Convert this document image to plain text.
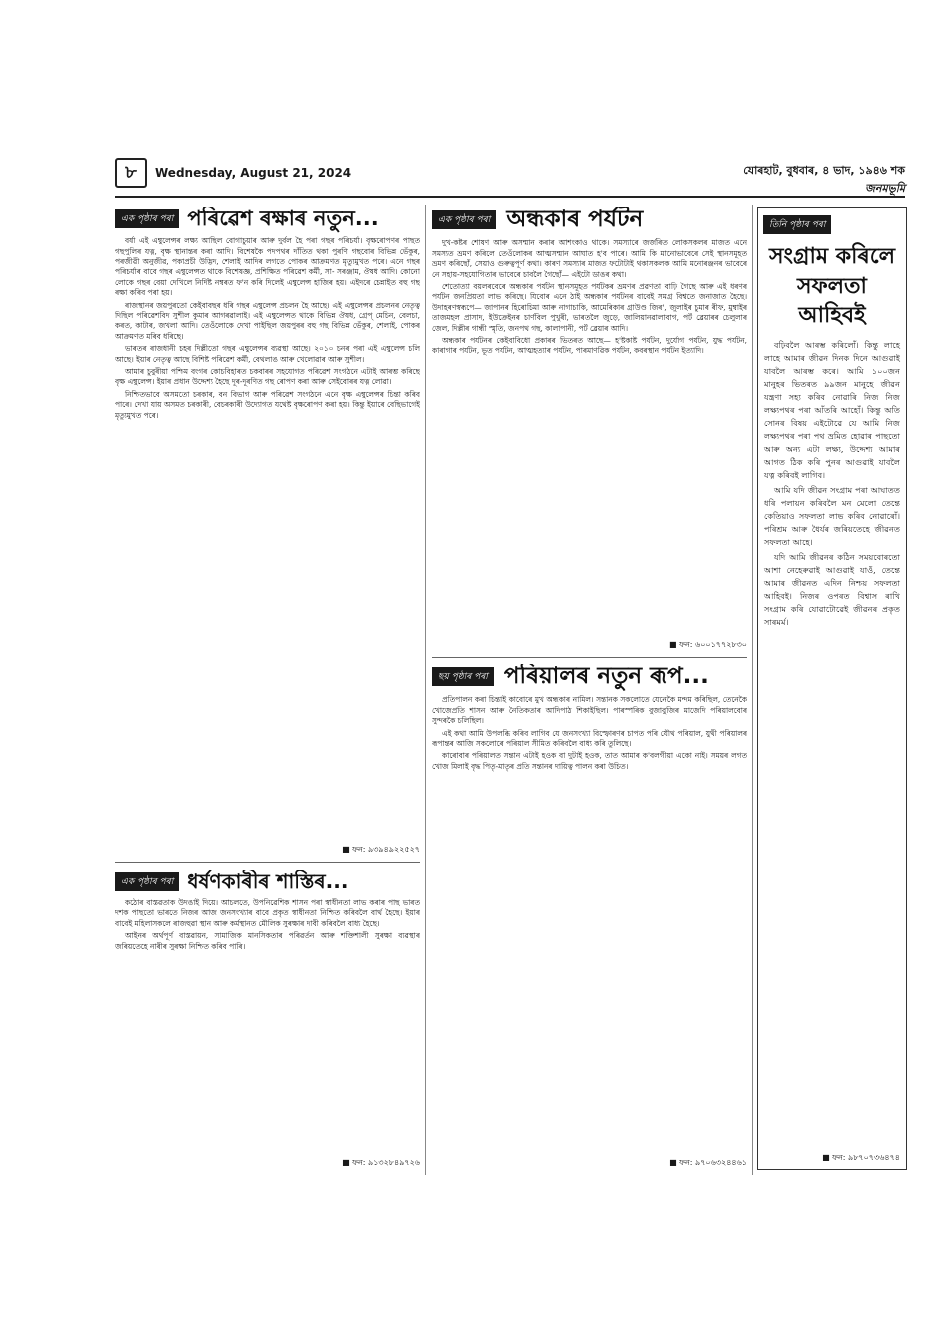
৮	Wednesday, August 21, 2024	যোৰহাট, বুধবাৰ, ৪ ভাদ, ১৯৪৬ শক
জনমভূমি
এক পৃষ্ঠাৰ পৰা পৰিৱেশ ৰক্ষাৰ নতুন...

বৰ্ষা এই এম্বুলেন্সৰ লক্ষ্য আছিল বোগাচুয়াৰ আৰু দুৰ্বল হৈ পৰা গছৰ পৰিচৰ্যা। বৃক্ষৰোপণৰ পাছত গছপুলিৰ যত্ন, বৃক্ষ স্থানান্তৰ কৰা আদি। বিশেষকৈ পদপথৰ দাঁতিত থকা পুৰণি গছবোৰ বিভিন্ন ভেঁকুৰ, পৰজীৱী অনুজীৱ, পকাপ্ৰচী উদ্ভিদ, শেলাই আদিৰ লগতে পোকৰ আক্ৰমণত মৃত্যুমুখত পৰে। এনে গছৰ পৰিচৰ্যাৰ বাবে গছৰ এম্বুলেন্সত থাকে বিশেষজ্ঞ, প্ৰশিক্ষিত পৰিৱেশ কৰ্মী, সা- সৰঞ্জাম, ঔষধ আদি। কোনো লোকে গছৰ বেয়া দেখিলে নিৰ্দিষ্ট নম্বৰত ফ'ন কৰি দিলেই এম্বুলেন্স হাজিৰ হয়। এইদৰে চেন্নাইত বহু গছ ৰক্ষা কৰিব পৰা হয়।

ৰাজস্থানৰ জয়পুৰতো কেইবাবছৰ ধৰি গছৰ এম্বুলেন্স প্ৰচলন হৈ আছে। এই এম্বুলেন্সৰ প্ৰচলনৰ নেতৃত্ব দিছিল পৰিৱেশবিদ সুশীল কুমাৰ আগৰৱালাই। এই এম্বুলেন্সত থাকে বিভিন্ন ঔষধ, গ্ৰেপ্‌ মেচিন, বেলচা, কৰত, কাটাৰ, জখলা আদি। তেওঁলোকে দেখা পাইছিল জয়পুৰৰ বহু গছ বিভিন্ন ভেঁকুৰ, শেলাই, পোকৰ আক্ৰমণত মৰিব ধৰিছে।

ভাৰতৰ ৰাজধানী চহৰ দিল্লীতো গছৰ এম্বুলেন্সৰ ব্যৱস্থা আছে। ২০১০ চনৰ পৰা এই এম্বুলেন্স চলি আছে। ইয়াৰ নেতৃত্ব আছে বিশিষ্ট পৰিৱেশ কৰ্মী, বেথলাঙ আৰু খেলোৱাৰ আৰু সুশীল।

আমাৰ চুবুৰীয়া পশ্চিম বংগৰ কোচবিহাৰত চকবাৰৰ সহযোগত পৰিৱেশ সংগঠনে এটাই আৰম্ভ কৰিছে বৃক্ষ এম্বুলেন্স। ইয়াৰ প্ৰধান উদ্দেশ্য হৈছে দূৰ-দূৰণিত গছ ৰোপণ কৰা আৰু সেইবোৰৰ যত্ন লোৱা।

নিশ্চিতভাবে অসমতো চৰকাৰ, বন বিভাগ আৰু পৰিৱেশ সংগঠনে এনে বৃক্ষ এম্বুলেন্সৰ চিন্তা কৰিব পাৰে। দেখা যায় অসমত চৰকাৰী, বেচৰকাৰী উদ্যোগত যথেষ্ট বৃক্ষৰোপণ কৰা হয়। কিন্তু ইয়াৰে বেছিভাগেই মৃত্যুমুখত পৰে।

■ ফন: ৯৩৯৪৯২২৫২৭
এক পৃষ্ঠাৰ পৰা ধৰ্ষণকাৰীৰ শাস্তিৰ...

কঠোৰ বাস্তৱতাক উদঙাই দিয়ে। আচলতে, উপনিৱেশিক শাসন পৰা স্বাধীনতা লাভ কৰাৰ পাছ ভাৰত দশক পাছতো ভাৰতে নিজৰ আজ জনসংখ্যাৰ বাবে প্ৰকৃত স্বাধীনতা নিশ্চিত কৰিবলৈ বাৰ্থ হৈছে। ইয়াৰ বাবেই মহিলাসকলে ৰাজহুৱা স্থান আৰু কৰ্মস্থানত মৌলিক সুৰক্ষাৰ দাবী কৰিবলৈ বাধ্য হৈছে।

আইনৰ অৰ্থপূৰ্ণ বাস্তৱায়ন, সামাজিক মানসিকতাৰ পৰিৱৰ্তন আৰু শক্তিশালী সুৰক্ষা ব্যৱস্থাৰ জৰিয়তেহে নাৰীৰ সুৰক্ষা নিশ্চিত কৰিব পাৰি।

■ ফন: ৯১৩২৮৪৯৭২৬
এক পৃষ্ঠাৰ পৰা অন্ধকাৰ পৰ্যটন

দুখ-কষ্টৰ শোষণ আৰু অসম্মান কৰাৰ আশংকাও থাকে। সমস্যাৰে জৰ্জৰিত লোকসকলৰ মাজত এনে সমস্যত ভ্ৰমণ কৰিলে তেওঁলোকৰ আত্মসম্মান আঘাত হ'ব পাৰে। আমি কি মানোভাবেৰে সেই স্থানসমূহত ভ্ৰমণ কৰিছোঁ, সেয়াও গুৰুত্বপূৰ্ণ কথা। কাৰণ সমস্যাৰ মাজত ফটোটাই থকাসকলক আমি মনোৰঞ্জনৰ ভাবেৰে নে সহায়-সহযোগিতাৰ ভাবেৰে চাবলৈ গৈছোঁ— এইটো ডাঙৰ কথা।

শেতোত্যা বয়লৰবেৰে অন্ধকাৰ পৰ্যটন স্থানসমূহত পৰ্যটকৰ ভ্ৰমণৰ প্ৰৱণতা বাঢ়ি গৈছে আৰু এই ধৰণৰ পৰ্যটন জনপ্ৰিয়তা লাভ কৰিছে। যিবোৰ এনে ঠাই অন্ধকাৰ পৰ্যটনৰ বাবেই সমগ্ৰ বিশ্বতে জনাজাত হৈছে। উদাহৰণস্বৰূপে— জাপানৰ হিৰোচিমা আৰু নাগাচাকি, আমেৰিকাৰ গ্ৰাউণ্ড জিৰ', জুলাইৰ চুমাৰ ৰীফ, মুম্বাইৰ তাজমহল প্ৰাসাদ, ইউক্ৰেইনৰ চাৰ্ণবিল পুখুৰী, ভাৰতলৈ জুড়ে, জালিয়ানৱালাবাগ, পৰ্ট ব্লেয়াৰৰ চেলুলাৰ জেল, দিল্লীৰ গান্ধী স্মৃতি, জনপথ গছ, কালাপানী, পৰ্ট ব্লেয়াৰ আদি।

অন্ধকাৰ পৰ্যটনৰ কেইবাবিধো প্ৰকাৰৰ ভিতৰত আছে— হ'ষ্টকাষ্ট পৰ্যটন, দুৰ্যোগ পৰ্যটন, যুদ্ধ পৰ্যটন, কাৰাগাৰ পৰ্যটন, ভূত পৰ্যটন, আত্মহত্যাৰ পৰ্যটন, পাৰমাণৱিক পৰ্যটন, কবৰস্থান পৰ্যটন ইত্যাদি।

■ ফন: ৬০০১৭৭২৮৩০
ছয় পৃষ্ঠাৰ পৰা পৰিয়ালৰ নতুন ৰূপ...

প্ৰতিপালন কৰা চিন্তাই কাবোৰে মুখ অন্ধকাৰ নামিল। সন্তানক সকলোতে যেনেকৈ মন্দম কৰিছিল, তেনেকৈ খোজেপ্ৰতি শাসন আৰু নৈতিকতাৰ আদিপাঠ শিকাইছিল। পাৰস্পৰিক বুজাবুজিৰ মাজেদি পৰিয়ালবোৰ সুন্দৰকৈ চলিছিল।

এই কথা আমি উপলব্ধি কৰিব লাগিব যে জনসংখ্যা বিস্ফোৰণৰ চাপত পৰি যৌথ পৰিয়াল, যুথী পৰিয়ালৰ ৰূপান্তৰ আজি সকলোৰে পৰিয়াল সীমিত কৰিবলৈ বাধ্য কৰি তুলিছে।

কাৰোবাৰ পৰিয়ালত সন্তান এটাই হওক বা দুটাই হওক, তাত আমাৰ ক'বলগীয়া একো নাই। সময়ৰ লগত খোজ মিলাই বৃদ্ধ পিতৃ-মাতৃৰ প্ৰতি সন্তানৰ দায়িত্ব পালন কৰা উচিত।

■ ফন: ৯৭০৬৩২৪৪৬১
তিনি পৃষ্ঠাৰ পৰা
সংগ্ৰাম কৰিলে সফলতা আহিবই

বঢ়িবলৈ আৰম্ভ কৰিলোঁ। কিন্তু লাহে লাহে আমাৰ জীৱন দিনক দিনে আগুৱাই যাবলৈ আৰম্ভ কৰে। আমি ১০০জন মানুহৰ ভিতৰত ৯৯জন মানুহে জীৱন যন্ত্ৰণা সহ্য কৰিব নোৱাৰি নিজ নিজ লক্ষ্যপথৰ পৰা আঁতৰি আহোঁ। কিন্তু অতি সোনৰ বিষয় এইটোৱে যে আমি নিজ লক্ষ্যপথৰ পৰা পথ ভ্ৰমিত হোৱাৰ পাছতো আৰু অন্য এটা লক্ষ্য, উদ্দেশ্য আমাৰ আগত ঠিক কৰি পুনৰ আগুৱাই যাবলৈ যত্ন কৰিবই লাগিব।

আমি যদি জীৱন সংগ্ৰাম পৰা আঘাতত ধৰি পলায়ন কৰিবলৈ মন মেলো তেন্তে কেতিয়াও সফলতা লাভ কৰিব নোৱাৰোঁ। পৰিশ্ৰম আৰু ধৈৰ্যৰ জৰিয়তেহে জীৱনত সফলতা আহে।

যদি আমি জীৱনৰ কঠিন সময়বোৰতো আশা নেহেৰুৱাই আগুৱাই যাওঁ, তেন্তে আমাৰ জীৱনত এদিন নিশ্চয় সফলতা আহিবই। নিজৰ ওপৰত বিশ্বাস ৰাখি সংগ্ৰাম কৰি যোৱাটোৱেই জীৱনৰ প্ৰকৃত সাৰমৰ্ম।

■ ফন: ৯৮৭০৭৩৬৪৭৪
